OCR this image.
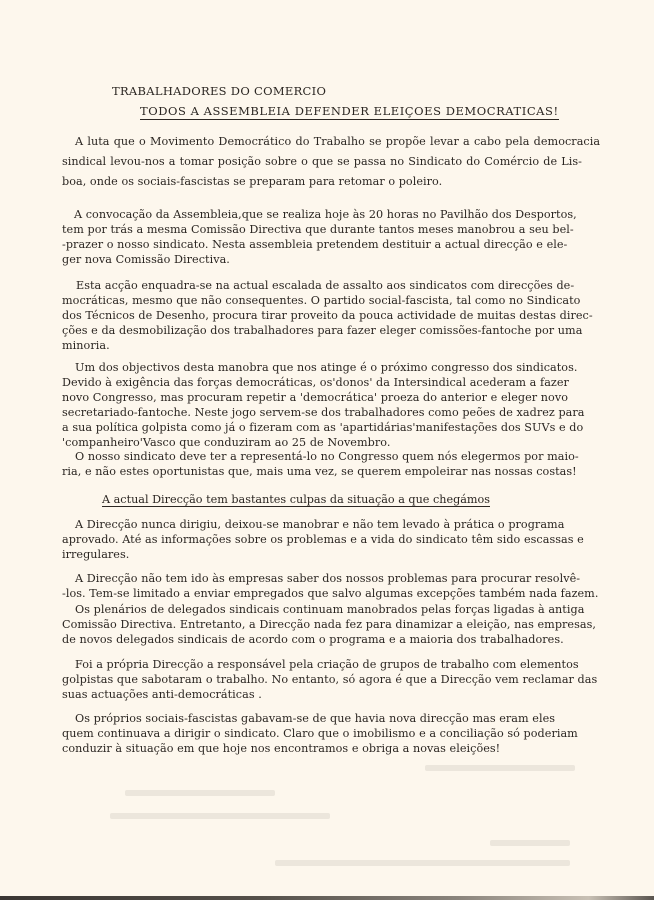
TRABALHADORES DO COMERCIO
TODOS A ASSEMBLEIA DEFENDER ELEIÇOES DEMOCRATICAS!
A luta que o Movimento Democrático do Trabalho se propõe levar a cabo pela democracia
sindical levou-nos a tomar posição sobre o que se passa no Sindicato do Comércio de Lis-
boa, onde os sociais-fascistas se preparam para retomar o poleiro.
A convocação da Assembleia,que se realiza hoje às 20 horas no Pavilhão dos Desportos,
tem por trás a mesma Comissão Directiva que durante tantos meses manobrou a seu bel-
-prazer o nosso sindicato. Nesta assembleia pretendem destituir a actual direcção e ele-
ger nova Comissão Directiva.
Esta acção enquadra-se na actual escalada de assalto aos sindicatos com direcções de-
mocráticas, mesmo que não consequentes. O partido social-fascista, tal como no Sindicato
dos Técnicos de Desenho, procura tirar proveito da pouca actividade de muitas destas direc-
ções e da desmobilização dos trabalhadores para fazer eleger comissões-fantoche por uma
minoria.
Um dos objectivos desta manobra que nos atinge é o próximo congresso dos sindicatos.
Devido à exigência das forças democráticas, os'donos' da Intersindical acederam a fazer
novo Congresso, mas procuram repetir a 'democrática' proeza do anterior e eleger novo
secretariado-fantoche. Neste jogo servem-se dos trabalhadores como peões de xadrez para
a sua política golpista como já o fizeram com as 'apartidárias'manifestações dos SUVs e do
'companheiro'Vasco que conduziram ao 25 de Novembro.
O nosso sindicato deve ter a representá-lo no Congresso quem nós elegermos por maio-
ria, e não estes oportunistas que, mais uma vez, se querem empoleirar nas nossas costas!
A actual Direcção tem bastantes culpas da situação a que chegámos
A Direcção nunca dirigiu, deixou-se manobrar e não tem levado à prática o programa
aprovado. Até as informações sobre os problemas e a vida do sindicato têm sido escassas e
irregulares.
A Direcção não tem ido às empresas saber dos nossos problemas para procurar resolvê-
-los. Tem-se limitado a enviar empregados que salvo algumas excepções também nada fazem.
Os plenários de delegados sindicais continuam manobrados pelas forças ligadas à antiga
Comissão Directiva. Entretanto, a Direcção nada fez para dinamizar a eleição, nas empresas,
de novos delegados sindicais de acordo com o programa e a maioria dos trabalhadores.
Foi a própria Direcção a responsável pela criação de grupos de trabalho com elementos
golpistas que sabotaram o trabalho. No entanto, só agora é que a Direcção vem reclamar das
suas actuações anti-democráticas .
Os próprios sociais-fascistas gabavam-se de que havia nova direcção mas eram eles
quem continuava a dirigir o sindicato. Claro que o imobilismo e a conciliação só poderiam
conduzir à situação em que hoje nos encontramos e obriga a novas eleições!
